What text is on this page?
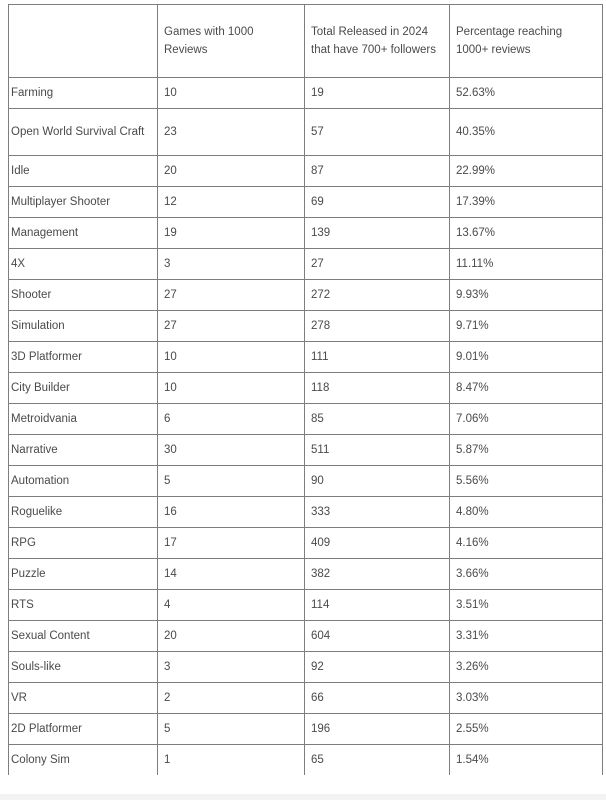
	Games with 1000 Reviews	Total Released in 2024 that have 700+ followers	Percentage reaching 1000+ reviews
Farming	10	19	52.63%
Open World Survival Craft	23	57	40.35%
Idle	20	87	22.99%
Multiplayer Shooter	12	69	17.39%
Management	19	139	13.67%
4X	3	27	11.11%
Shooter	27	272	9.93%
Simulation	27	278	9.71%
3D Platformer	10	111	9.01%
City Builder	10	118	8.47%
Metroidvania	6	85	7.06%
Narrative	30	511	5.87%
Automation	5	90	5.56%
Roguelike	16	333	4.80%
RPG	17	409	4.16%
Puzzle	14	382	3.66%
RTS	4	114	3.51%
Sexual Content	20	604	3.31%
Souls-like	3	92	3.26%
VR	2	66	3.03%
2D Platformer	5	196	2.55%
Colony Sim	1	65	1.54%
